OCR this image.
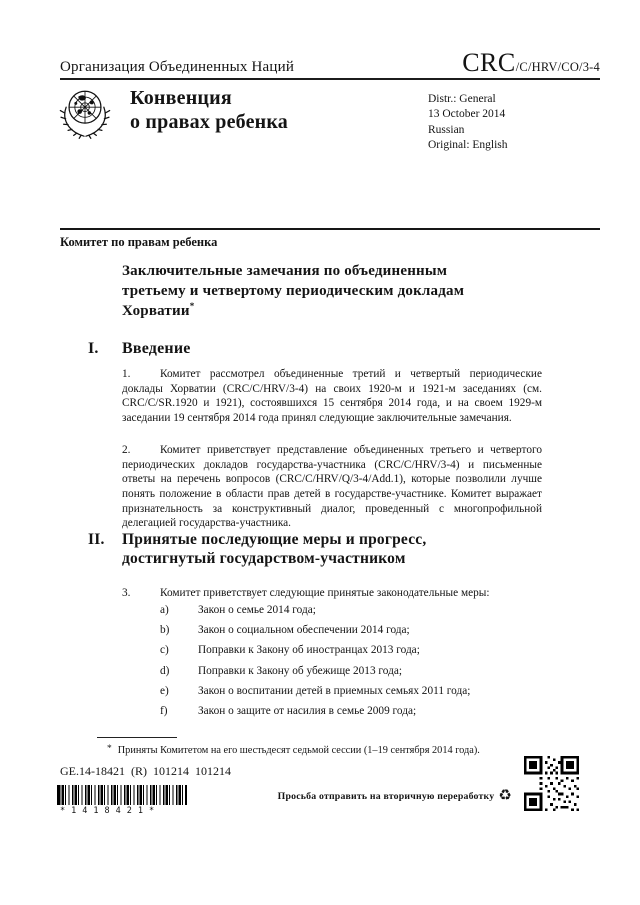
Организация Объединенных Наций	CRC/C/HRV/CO/3-4
Конвенция
о правах ребенка
Distr.: General
13 October 2014
Russian
Original: English
Комитет по правам ребенка
Заключительные замечания по объединенным
третьему и четвертому периодическим докладам
Хорватии*
I.	Введение
1.	Комитет рассмотрел объединенные третий и четвертый периодические доклады Хорватии (CRC/C/HRV/3-4) на своих 1920-м и 1921-м заседаниях (см. CRC/C/SR.1920 и 1921), состоявшихся 15 сентября 2014 года, и на своем 1929-м заседании 19 сентября 2014 года принял следующие заключительные замечания.
2.	Комитет приветствует представление объединенных третьего и четвертого периодических докладов государства-участника (CRC/C/HRV/3-4) и письменные ответы на перечень вопросов (CRC/C/HRV/Q/3-4/Add.1), которые позволили лучше понять положение в области прав детей в государстве-участнике. Комитет выражает признательность за конструктивный диалог, проведенный с многопрофильной делегацией государства-участника.
II.	Принятые последующие меры и прогресс,
достигнутый государством-участником
3.	Комитет приветствует следующие принятые законодательные меры:
a)	Закон о семье 2014 года;
b)	Закон о социальном обеспечении 2014 года;
c)	Поправки к Закону об иностранцах 2013 года;
d)	Поправки к Закону об убежище 2013 года;
e)	Закон о воспитании детей в приемных семьях 2011 года;
f)	Закон о защите от насилия в семье 2009 года;
* Приняты Комитетом на его шестьдесят седьмой сессии (1–19 сентября 2014 года).
GE.14-18421  (R)  101214  101214
*1418421*
Просьба отправить на вторичную переработку ♻
